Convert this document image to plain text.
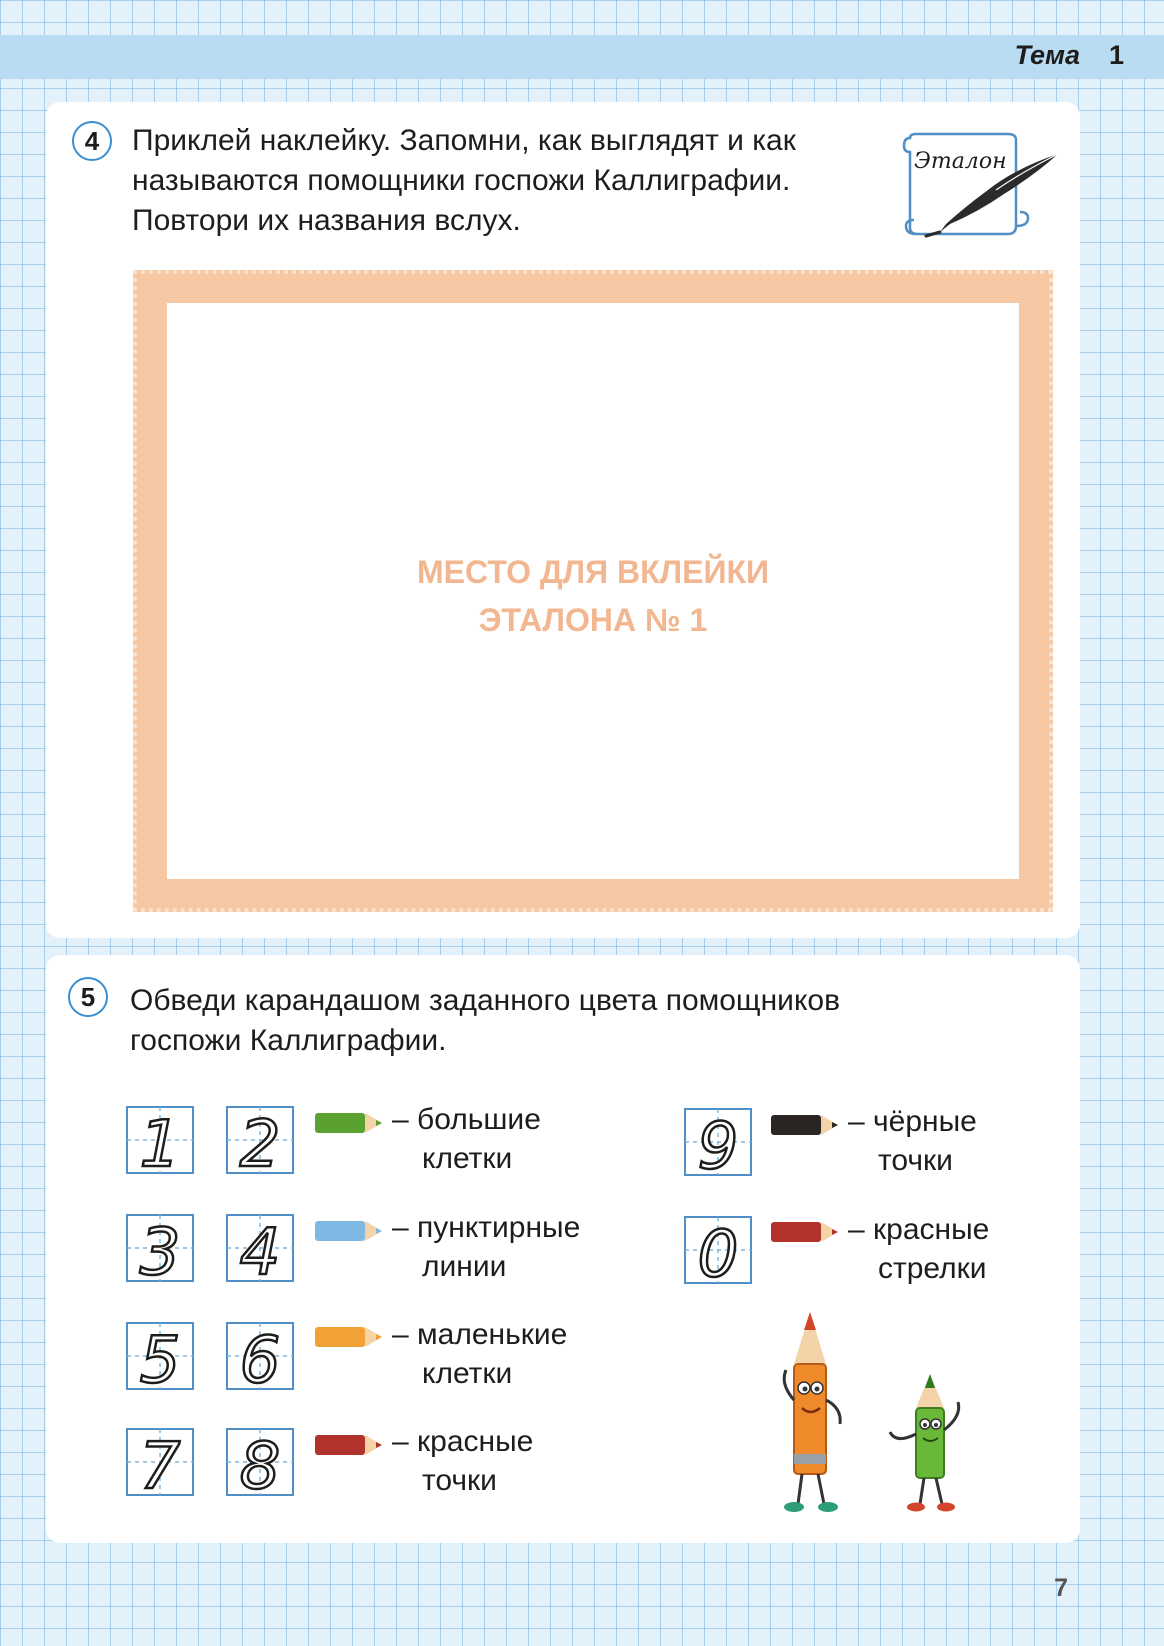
Тема 1
4	Приклей наклейку. Запомни, как выглядят и как
называются помощники госпожи Каллиграфии.
Повтори их названия вслух.
Эталон
МЕСТО ДЛЯ ВКЛЕЙКИ
ЭТАЛОНА № 1
5	Обведи карандашом заданного цвета помощников
госпожи Каллиграфии.
1 2
3 4
5 6
7 8
9
0
– большие
клетки
– пунктирные
линии
– маленькие
клетки
– красные
точки
– чёрные
точки
– красные
стрелки
7
